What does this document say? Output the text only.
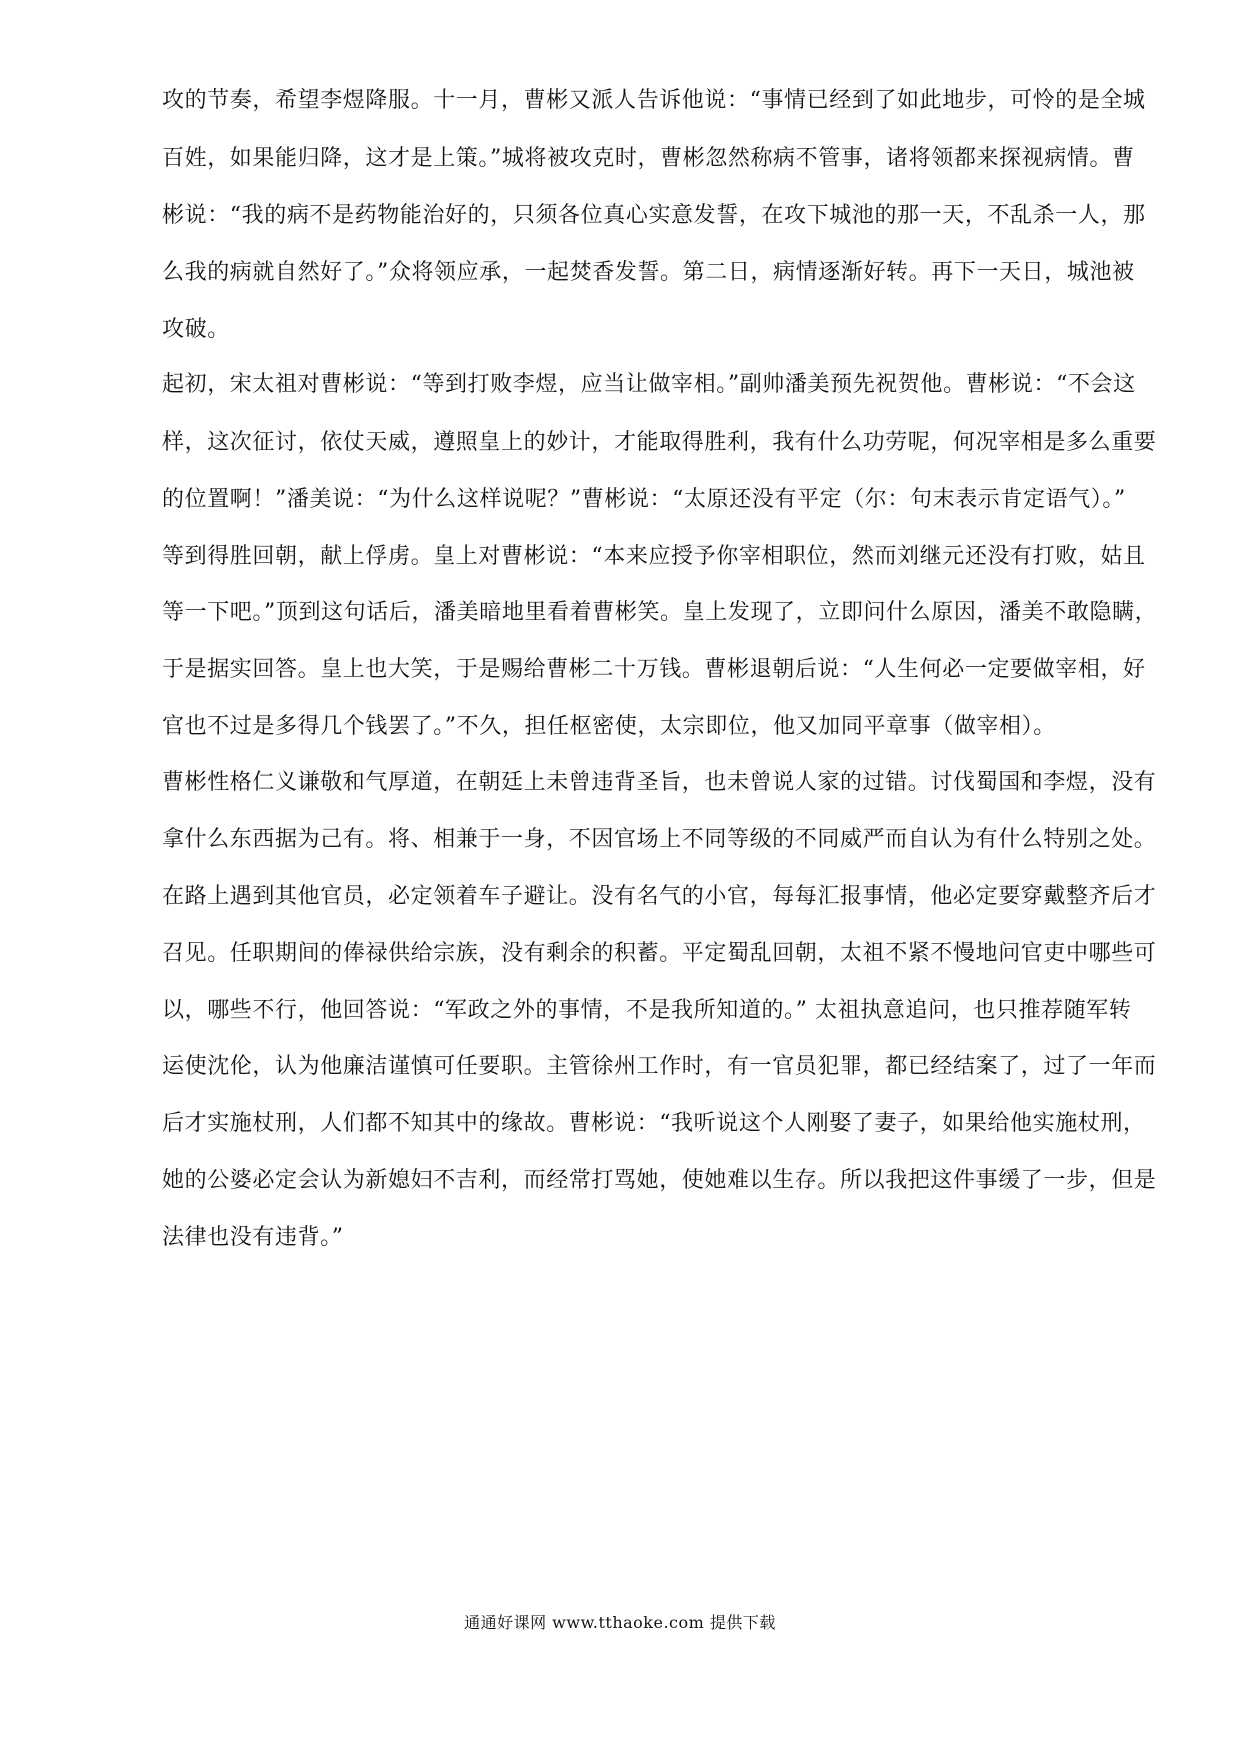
攻的节奏，希望李煜降服。十一月，曹彬又派人告诉他说：“事情已经到了如此地步，可怜的是全城
百姓，如果能归降，这才是上策。”城将被攻克时，曹彬忽然称病不管事，诸将领都来探视病情。曹
彬说：“我的病不是药物能治好的，只须各位真心实意发誓，在攻下城池的那一天，不乱杀一人，那
么我的病就自然好了。”众将领应承，一起焚香发誓。第二日，病情逐渐好转。再下一天日，城池被
攻破。
起初，宋太祖对曹彬说：“等到打败李煜，应当让做宰相。”副帅潘美预先祝贺他。曹彬说：“不会这
样，这次征讨，依仗天威，遵照皇上的妙计，才能取得胜利，我有什么功劳呢，何况宰相是多么重要
的位置啊！”潘美说：“为什么这样说呢？”曹彬说：“太原还没有平定（尔：句末表示肯定语气）。”
等到得胜回朝，献上俘虏。皇上对曹彬说：“本来应授予你宰相职位，然而刘继元还没有打败，姑且
等一下吧。”顶到这句话后，潘美暗地里看着曹彬笑。皇上发现了，立即问什么原因，潘美不敢隐瞒，
于是据实回答。皇上也大笑，于是赐给曹彬二十万钱。曹彬退朝后说：“人生何必一定要做宰相，好
官也不过是多得几个钱罢了。”不久，担任枢密使，太宗即位，他又加同平章事（做宰相）。
曹彬性格仁义谦敬和气厚道，在朝廷上未曾违背圣旨，也未曾说人家的过错。讨伐蜀国和李煜，没有
拿什么东西据为己有。将、相兼于一身，不因官场上不同等级的不同威严而自认为有什么特别之处。
在路上遇到其他官员，必定领着车子避让。没有名气的小官，每每汇报事情，他必定要穿戴整齐后才
召见。任职期间的俸禄供给宗族，没有剩余的积蓄。平定蜀乱回朝，太祖不紧不慢地问官吏中哪些可
以，哪些不行，他回答说：“军政之外的事情，不是我所知道的。” 太祖执意追问，也只推荐随军转
运使沈伦，认为他廉洁谨慎可任要职。主管徐州工作时，有一官员犯罪，都已经结案了，过了一年而
后才实施杖刑，人们都不知其中的缘故。曹彬说：“我听说这个人刚娶了妻子，如果给他实施杖刑，
她的公婆必定会认为新媳妇不吉利，而经常打骂她，使她难以生存。所以我把这件事缓了一步，但是
法律也没有违背。”
通通好课网 www.tthaoke.com 提供下载
